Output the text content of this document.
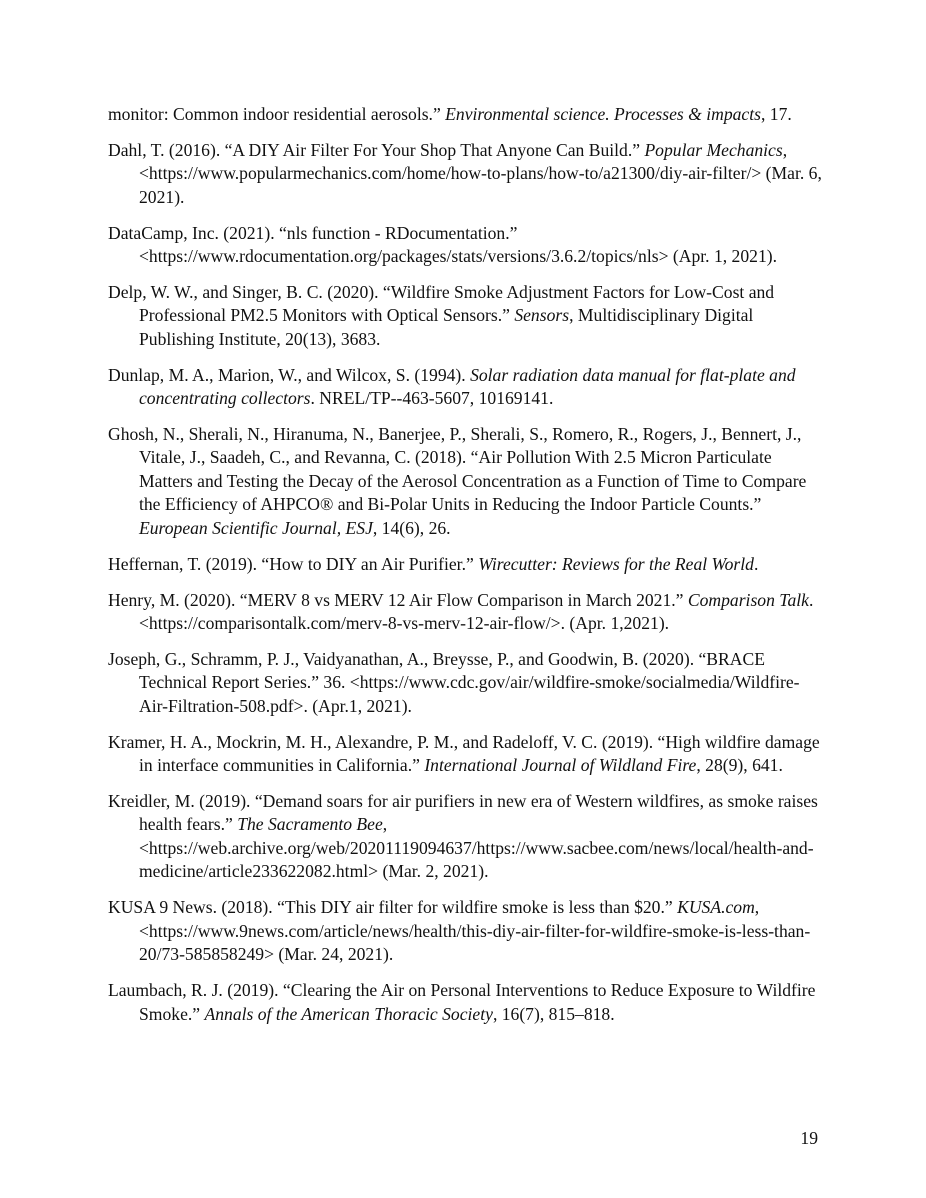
monitor: Common indoor residential aerosols.” Environmental science. Processes & impacts, 17.
Dahl, T. (2016). “A DIY Air Filter For Your Shop That Anyone Can Build.” Popular Mechanics, <https://www.popularmechanics.com/home/how-to-plans/how-to/a21300/diy-air-filter/> (Mar. 6, 2021).
DataCamp, Inc. (2021). “nls function - RDocumentation.” <https://www.rdocumentation.org/packages/stats/versions/3.6.2/topics/nls> (Apr. 1, 2021).
Delp, W. W., and Singer, B. C. (2020). “Wildfire Smoke Adjustment Factors for Low-Cost and Professional PM2.5 Monitors with Optical Sensors.” Sensors, Multidisciplinary Digital Publishing Institute, 20(13), 3683.
Dunlap, M. A., Marion, W., and Wilcox, S. (1994). Solar radiation data manual for flat-plate and concentrating collectors. NREL/TP--463-5607, 10169141.
Ghosh, N., Sherali, N., Hiranuma, N., Banerjee, P., Sherali, S., Romero, R., Rogers, J., Bennert, J., Vitale, J., Saadeh, C., and Revanna, C. (2018). “Air Pollution With 2.5 Micron Particulate Matters and Testing the Decay of the Aerosol Concentration as a Function of Time to Compare the Efficiency of AHPCO® and Bi-Polar Units in Reducing the Indoor Particle Counts.” European Scientific Journal, ESJ, 14(6), 26.
Heffernan, T. (2019). “How to DIY an Air Purifier.” Wirecutter: Reviews for the Real World.
Henry, M. (2020). “MERV 8 vs MERV 12 Air Flow Comparison in March 2021.” Comparison Talk. <https://comparisontalk.com/merv-8-vs-merv-12-air-flow/>. (Apr. 1,2021).
Joseph, G., Schramm, P. J., Vaidyanathan, A., Breysse, P., and Goodwin, B. (2020). “BRACE Technical Report Series.” 36. <https://www.cdc.gov/air/wildfire-smoke/socialmedia/Wildfire-Air-Filtration-508.pdf>. (Apr.1, 2021).
Kramer, H. A., Mockrin, M. H., Alexandre, P. M., and Radeloff, V. C. (2019). “High wildfire damage in interface communities in California.” International Journal of Wildland Fire, 28(9), 641.
Kreidler, M. (2019). “Demand soars for air purifiers in new era of Western wildfires, as smoke raises health fears.” The Sacramento Bee, <https://web.archive.org/web/20201119094637/https://www.sacbee.com/news/local/health-and-medicine/article233622082.html> (Mar. 2, 2021).
KUSA 9 News. (2018). “This DIY air filter for wildfire smoke is less than $20.” KUSA.com, <https://www.9news.com/article/news/health/this-diy-air-filter-for-wildfire-smoke-is-less-than-20/73-585858249> (Mar. 24, 2021).
Laumbach, R. J. (2019). “Clearing the Air on Personal Interventions to Reduce Exposure to Wildfire Smoke.” Annals of the American Thoracic Society, 16(7), 815–818.
19
